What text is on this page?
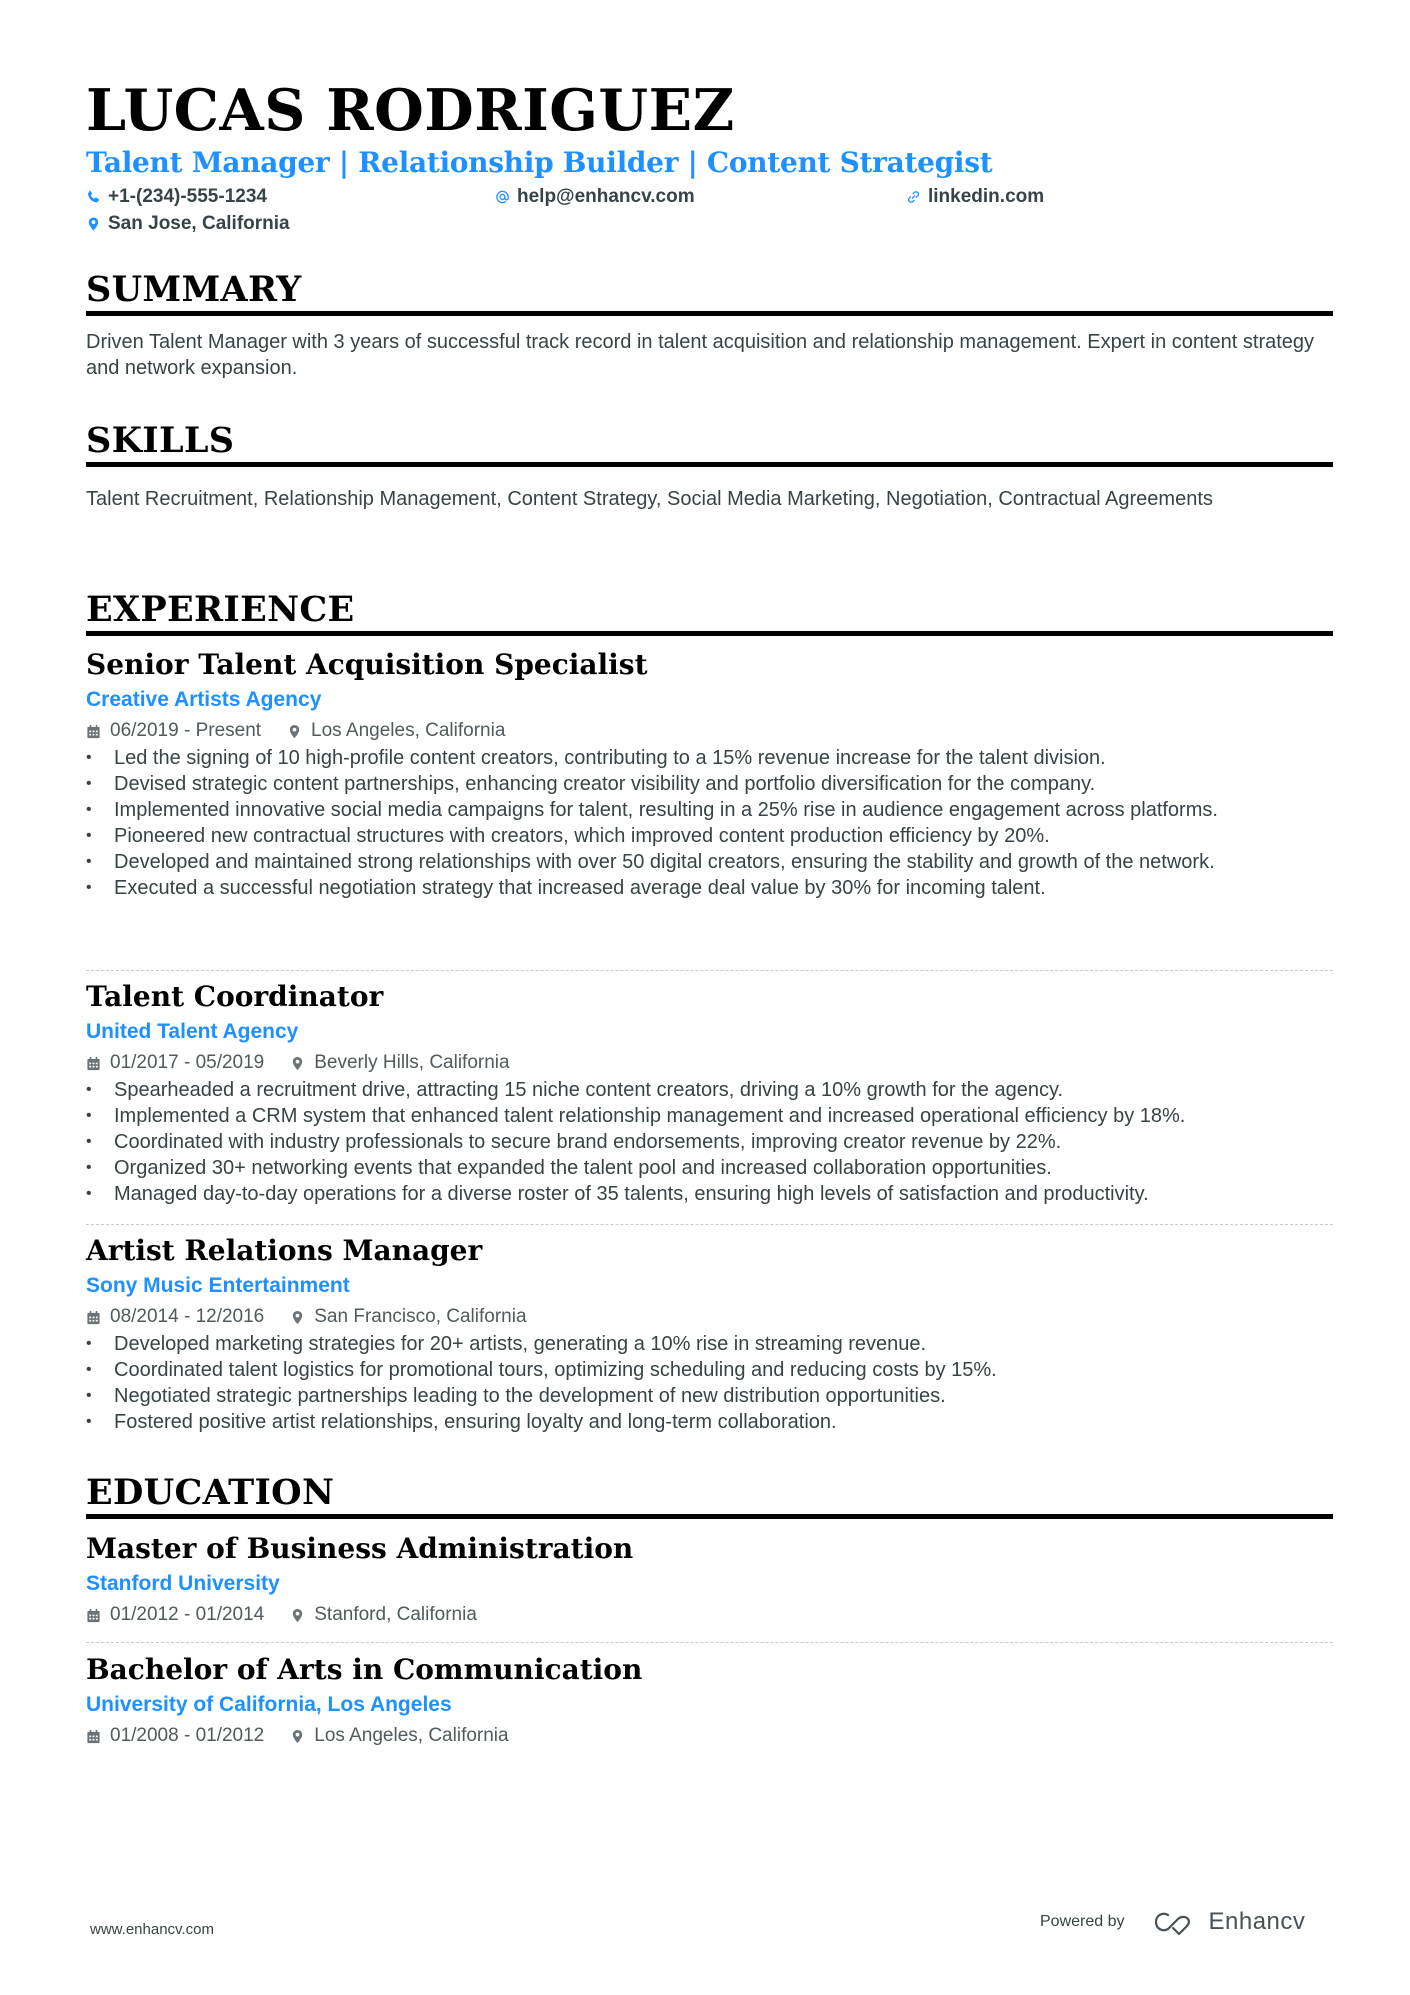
LUCAS RODRIGUEZ
Talent Manager | Relationship Builder | Content Strategist
+1-(234)-555-1234	help@enhancv.com	linkedin.com
San Jose, California
SUMMARY

Driven Talent Manager with 3 years of successful track record in talent acquisition and relationship management. Expert in content strategy and network expansion.

SKILLS

Talent Recruitment, Relationship Management, Content Strategy, Social Media Marketing, Negotiation, Contractual Agreements

EXPERIENCE
Senior Talent Acquisition Specialist
Creative Artists Agency
06/2019 - Present	Los Angeles, California
• Led the signing of 10 high-profile content creators, contributing to a 15% revenue increase for the talent division.
• Devised strategic content partnerships, enhancing creator visibility and portfolio diversification for the company.
• Implemented innovative social media campaigns for talent, resulting in a 25% rise in audience engagement across platforms.
• Pioneered new contractual structures with creators, which improved content production efficiency by 20%.
• Developed and maintained strong relationships with over 50 digital creators, ensuring the stability and growth of the network.
• Executed a successful negotiation strategy that increased average deal value by 30% for incoming talent.
Talent Coordinator
United Talent Agency
01/2017 - 05/2019	Beverly Hills, California
• Spearheaded a recruitment drive, attracting 15 niche content creators, driving a 10% growth for the agency.
• Implemented a CRM system that enhanced talent relationship management and increased operational efficiency by 18%.
• Coordinated with industry professionals to secure brand endorsements, improving creator revenue by 22%.
• Organized 30+ networking events that expanded the talent pool and increased collaboration opportunities.
• Managed day-to-day operations for a diverse roster of 35 talents, ensuring high levels of satisfaction and productivity.
Artist Relations Manager
Sony Music Entertainment
08/2014 - 12/2016	San Francisco, California
• Developed marketing strategies for 20+ artists, generating a 10% rise in streaming revenue.
• Coordinated talent logistics for promotional tours, optimizing scheduling and reducing costs by 15%.
• Negotiated strategic partnerships leading to the development of new distribution opportunities.
• Fostered positive artist relationships, ensuring loyalty and long-term collaboration.
EDUCATION
Master of Business Administration
Stanford University
01/2012 - 01/2014	Stanford, California
Bachelor of Arts in Communication
University of California, Los Angeles
01/2008 - 01/2012	Los Angeles, California
www.enhancv.com	Powered by	Enhancv
